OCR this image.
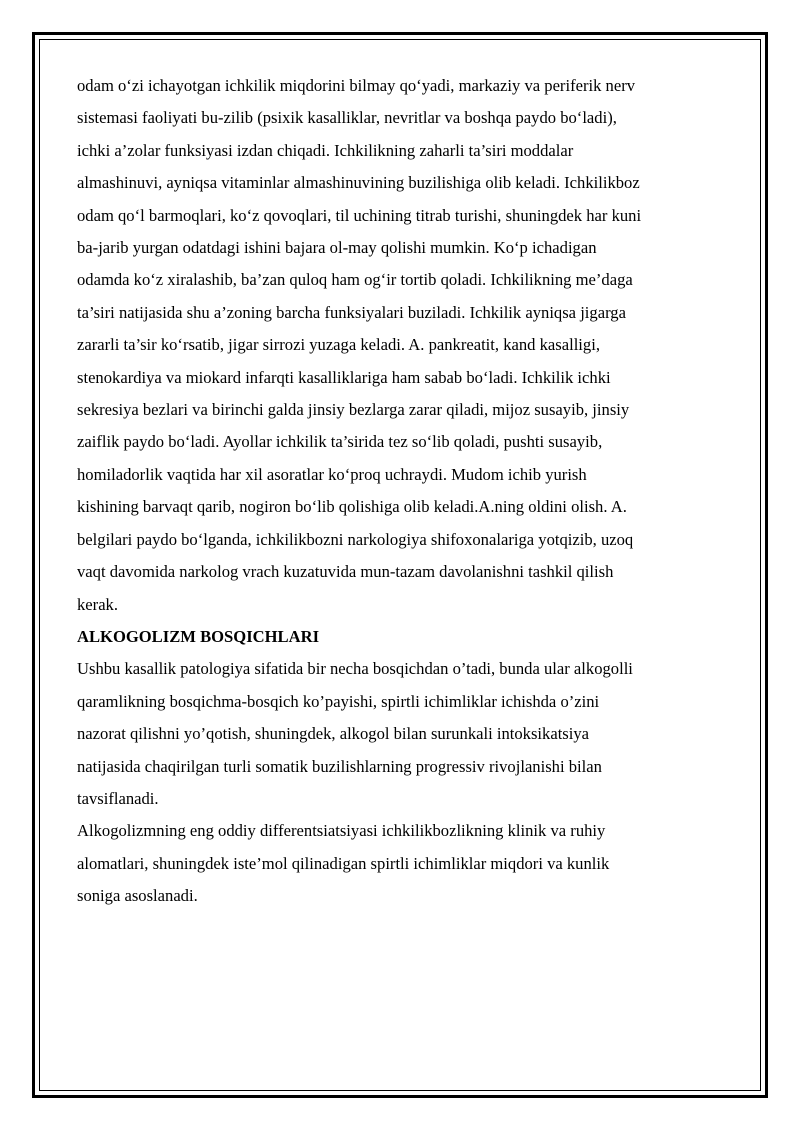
odam o‘zi ichayotgan ichkilik miqdorini bilmay qo‘yadi, markaziy va periferik nerv
sistemasi faoliyati bu-zilib (psixik kasalliklar, nevritlar va boshqa paydo bo‘ladi),
ichki a’zolar funksiyasi izdan chiqadi. Ichkilikning zaharli ta’siri moddalar
almashinuvi, ayniqsa vitaminlar almashinuvining buzilishiga olib keladi. Ichkilikboz
odam qo‘l barmoqlari, ko‘z qovoqlari, til uchining titrab turishi, shuningdek har kuni
ba-jarib yurgan odatdagi ishini bajara ol-may qolishi mumkin. Ko‘p ichadigan
odamda ko‘z xiralashib, ba’zan quloq ham og‘ir tortib qoladi. Ichkilikning me’daga
ta’siri natijasida shu a’zoning barcha funksiyalari buziladi. Ichkilik ayniqsa jigarga
zararli ta’sir ko‘rsatib, jigar sirrozi yuzaga keladi. A. pankreatit, kand kasalligi,
stenokardiya va miokard infarqti kasalliklariga ham sabab bo‘ladi. Ichkilik ichki
sekresiya bezlari va birinchi galda jinsiy bezlarga zarar qiladi, mijoz susayib, jinsiy
zaiflik paydo bo‘ladi. Ayollar ichkilik ta’sirida tez so‘lib qoladi, pushti susayib,
homiladorlik vaqtida har xil asoratlar ko‘proq uchraydi. Mudom ichib yurish
kishining barvaqt qarib, nogiron bo‘lib qolishiga olib keladi.A.ning oldini olish. A.
belgilari paydo bo‘lganda, ichkilikbozni narkologiya shifoxonalariga yotqizib, uzoq
vaqt davomida narkolog vrach kuzatuvida mun-tazam davolanishni tashkil qilish
kerak.

ALKOGOLIZM BOSQICHLARI

Ushbu kasallik patologiya sifatida bir necha bosqichdan o’tadi, bunda ular alkogolli
qaramlikning bosqichma-bosqich ko’payishi, spirtli ichimliklar ichishda o’zini
nazorat qilishni yo’qotish, shuningdek, alkogol bilan surunkali intoksikatsiya
natijasida chaqirilgan turli somatik buzilishlarning progressiv rivojlanishi bilan
tavsiflanadi.

Alkogolizmning eng oddiy differentsiatsiyasi ichkilikbozlikning klinik va ruhiy
alomatlari, shuningdek iste’mol qilinadigan spirtli ichimliklar miqdori va kunlik
soniga asoslanadi.
